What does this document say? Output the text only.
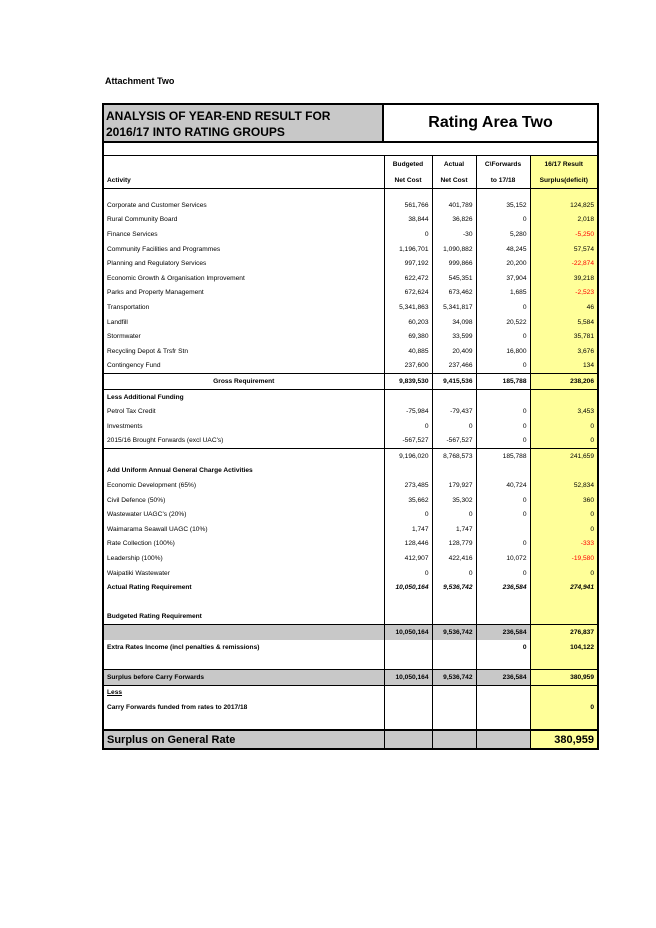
Attachment Two
ANALYSIS OF YEAR-END RESULT FOR
2016/17 INTO RATING GROUPS
Rating Area Two
	Budgeted	Actual	C\Forwards	16/17 Result
Activity	Net Cost	Net Cost	to 17/18	Surplus(deficit)

Corporate and Customer Services	561,766	401,789	35,152	124,825
Rural Community Board	38,844	36,826	0	2,018
Finance Services	0	-30	5,280	-5,250
Community Facilities and Programmes	1,196,701	1,090,882	48,245	57,574
Planning and Regulatory Services	997,192	999,866	20,200	-22,874
Economic Growth & Organisation Improvement	622,472	545,351	37,904	39,218
Parks and Property Management	672,624	673,462	1,685	-2,523
Transportation	5,341,863	5,341,817	0	46
Landfill	60,203	34,098	20,522	5,584
Stormwater	69,380	33,599	0	35,781
Recycling Depot & Trsfr Stn	40,885	20,409	16,800	3,676
Contingency Fund	237,600	237,466	0	134
Gross Requirement	9,839,530	9,415,536	185,788	238,206
Less Additional Funding				
Petrol Tax Credit	-75,984	-79,437	0	3,453
Investments	0	0	0	0
2015/16 Brought Forwards (excl UAC's)	-567,527	-567,527	0	0
	9,196,020	8,768,573	185,788	241,659
Add Uniform Annual General Charge Activities				
Economic Development (65%)	273,485	179,927	40,724	52,834
Civil Defence (50%)	35,662	35,302	0	360
Wastewater UAGC's (20%)	0	0	0	0
Waimarama Seawall UAGC (10%)	1,747	1,747		0
Rate Collection (100%)	128,446	128,779	0	-333
Leadership (100%)	412,907	422,416	10,072	-19,580
Waipatiki Wastewater	0	0	0	0
Actual Rating Requirement	10,050,164	9,536,742	236,584	274,941

Budgeted Rating Requirement				
	10,050,164	9,536,742	236,584	276,837
Extra Rates Income (incl penalties & remissions)			0	104,122

Surplus before Carry Forwards	10,050,164	9,536,742	236,584	380,959
Less				
Carry Forwards funded from rates to 2017/18				0

Surplus on General Rate				380,959
